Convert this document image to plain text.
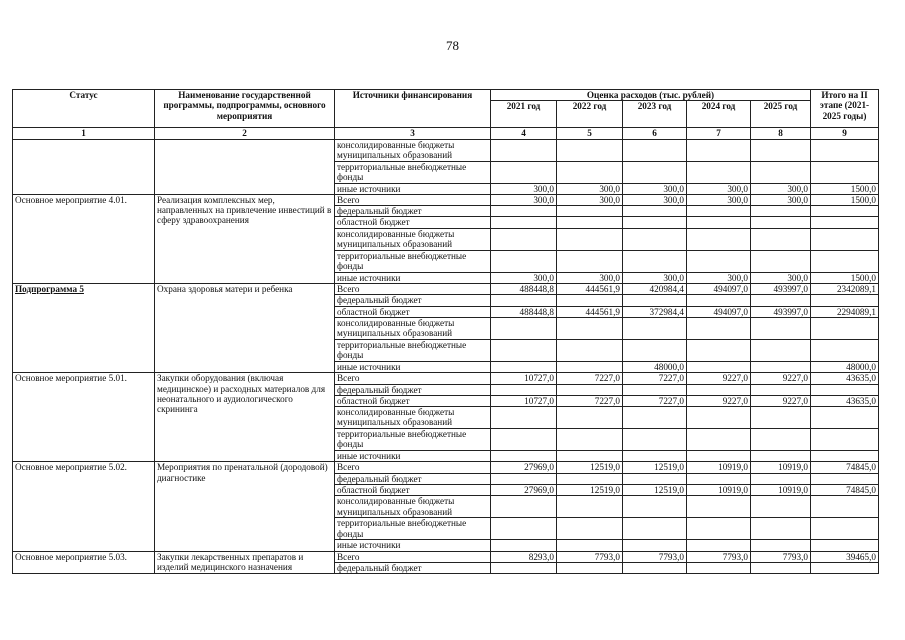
78
Статус	Наименование государственной программы, подпрограммы, основного мероприятия	Источники финансирования	Оценка расходов (тыс. рублей)					Итого на II этапе (2021-2025 годы)
			2021 год	2022 год	2023 год	2024 год	2025 год	
1	2	3	4	5	6	7	8	9
		консолидированные бюджеты муниципальных образований						
		территориальные внебюджетные фонды						
		иные источники	300,0	300,0	300,0	300,0	300,0	1500,0
Основное мероприятие 4.01.	Реализация комплексных мер, направленных на привлечение инвестиций в сферу здравоохранения	Всего	300,0	300,0	300,0	300,0	300,0	1500,0
		федеральный бюджет						
		областной бюджет						
		консолидированные бюджеты муниципальных образований						
		территориальные внебюджетные фонды						
		иные источники	300,0	300,0	300,0	300,0	300,0	1500,0
Подпрограмма 5	Охрана здоровья матери и ребенка	Всего	488448,8	444561,9	420984,4	494097,0	493997,0	2342089,1
		федеральный бюджет						
		областной бюджет	488448,8	444561,9	372984,4	494097,0	493997,0	2294089,1
		консолидированные бюджеты муниципальных образований						
		территориальные внебюджетные фонды						
		иные источники			48000,0			48000,0
Основное мероприятие 5.01.	Закупки оборудования (включая медицинское) и расходных материалов для неонатального и аудиологического скрининга	Всего	10727,0	7227,0	7227,0	9227,0	9227,0	43635,0
		федеральный бюджет						
		областной бюджет	10727,0	7227,0	7227,0	9227,0	9227,0	43635,0
		консолидированные бюджеты муниципальных образований						
		территориальные внебюджетные фонды						
		иные источники						
Основное мероприятие 5.02.	Мероприятия по пренатальной (дородовой) диагностике	Всего	27969,0	12519,0	12519,0	10919,0	10919,0	74845,0
		федеральный бюджет						
		областной бюджет	27969,0	12519,0	12519,0	10919,0	10919,0	74845,0
		консолидированные бюджеты муниципальных образований						
		территориальные внебюджетные фонды						
		иные источники						
Основное мероприятие 5.03.	Закупки лекарственных препаратов и изделий медицинского назначения	Всего	8293,0	7793,0	7793,0	7793,0	7793,0	39465,0
		федеральный бюджет						
